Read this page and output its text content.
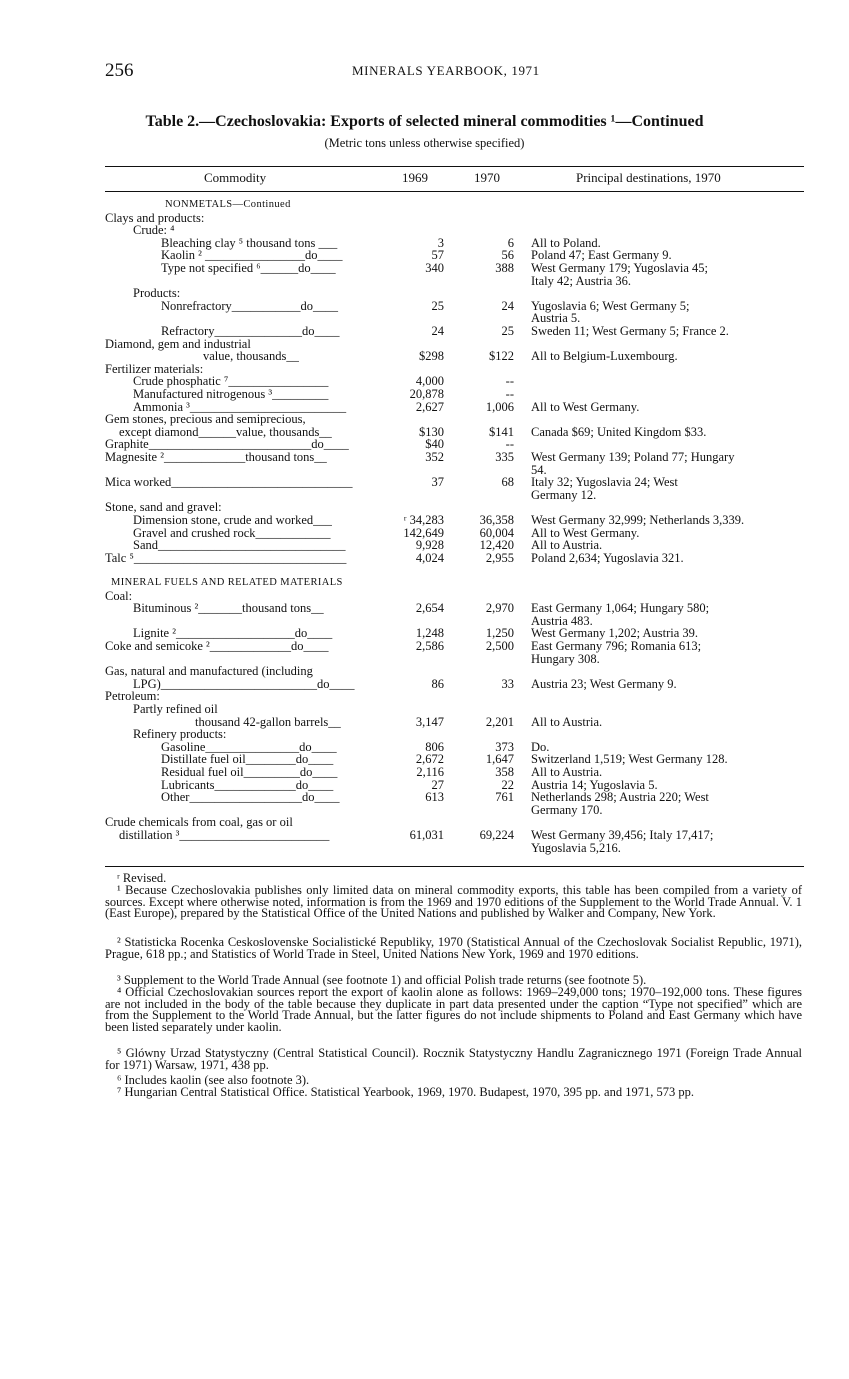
256	MINERALS YEARBOOK, 1971
Table 2.—Czechoslovakia: Exports of selected mineral commodities ¹—Continued
(Metric tons unless otherwise specified)
Commodity	1969	1970	Principal destinations, 1970
NONMETALS—Continued
Clays and products:
Crude: ⁴
Bleaching clay ⁵ thousand tons ___	3	6 All to Poland.
Kaolin ² ________________do____	57	56 Poland 47; East Germany 9.
Type not specified ⁶______do____	340	388 West Germany 179; Yugoslavia 45;
Italy 42; Austria 36.
Products:
Nonrefractory___________do____	25	24 Yugoslavia 6; West Germany 5;
Austria 5.
Refractory______________do____	24	25 Sweden 11; West Germany 5; France 2.
Diamond, gem and industrial
value, thousands__	$298	$122 All to Belgium-Luxembourg.
Fertilizer materials:
Crude phosphatic ⁷________________	4,000	--
Manufactured nitrogenous ³_________	20,878	--
Ammonia ³_________________________	2,627	1,006 All to West Germany.
Gem stones, precious and semiprecious,
except diamond______value, thousands__	$130	$141 Canada $69; United Kingdom $33.
Graphite__________________________do____	$40	--
Magnesite ²_____________thousand tons__	352	335 West Germany 139; Poland 77; Hungary
54.
Mica worked_____________________________	37	68 Italy 32; Yugoslavia 24; West
Germany 12.
Stone, sand and gravel:
Dimension stone, crude and worked___	ʳ 34,283	36,358 West Germany 32,999; Netherlands 3,339.
Gravel and crushed rock____________	142,649	60,004 All to West Germany.
Sand______________________________	9,928	12,420 All to Austria.
Talc ⁵__________________________________	4,024	2,955 Poland 2,634; Yugoslavia 321.
MINERAL FUELS AND RELATED MATERIALS
Coal:
Bituminous ²_______thousand tons__	2,654	2,970 East Germany 1,064; Hungary 580;
Austria 483.
Lignite ²___________________do____	1,248	1,250 West Germany 1,202; Austria 39.
Coke and semicoke ²_____________do____	2,586	2,500 East Germany 796; Romania 613;
Hungary 308.
Gas, natural and manufactured (including
LPG)_________________________do____	86	33 Austria 23; West Germany 9.
Petroleum:
Partly refined oil
thousand 42-gallon barrels__	3,147	2,201 All to Austria.
Refinery products:
Gasoline_______________do____	806	373 Do.
Distillate fuel oil________do____	2,672	1,647 Switzerland 1,519; West Germany 128.
Residual fuel oil_________do____	2,116	358 All to Austria.
Lubricants_____________do____	27	22 Austria 14; Yugoslavia 5.
Other__________________do____	613	761 Netherlands 298; Austria 220; West
Germany 170.
Crude chemicals from coal, gas or oil
distillation ³________________________	61,031	69,224 West Germany 39,456; Italy 17,417;
Yugoslavia 5,216.
ʳ Revised.
¹ Because Czechoslovakia publishes only limited data on mineral commodity exports, this table has been compiled from a variety of sources. Except where otherwise noted, information is from the 1969 and 1970 editions of the Supplement to the World Trade Annual. V. 1 (East Europe), prepared by the Statistical Office of the United Nations and published by Walker and Company, New York.
² Statisticka Rocenka Ceskoslovenske Socialistické Republiky, 1970 (Statistical Annual of the Czechoslovak Socialist Republic, 1971), Prague, 618 pp.; and Statistics of World Trade in Steel, United Nations New York, 1969 and 1970 editions.
³ Supplement to the World Trade Annual (see footnote 1) and official Polish trade returns (see footnote 5).
⁴ Official Czechoslovakian sources report the export of kaolin alone as follows: 1969–249,000 tons; 1970–192,000 tons. These figures are not included in the body of the table because they duplicate in part data presented under the caption “Type not specified” which are from the Supplement to the World Trade Annual, but the latter figures do not include shipments to Poland and East Germany which have been listed separately under kaolin.
⁵ Glówny Urzad Statystyczny (Central Statistical Council). Rocznik Statystyczny Handlu Zagranicznego 1971 (Foreign Trade Annual for 1971) Warsaw, 1971, 438 pp.
⁶ Includes kaolin (see also footnote 3).
⁷ Hungarian Central Statistical Office. Statistical Yearbook, 1969, 1970. Budapest, 1970, 395 pp. and 1971, 573 pp.
